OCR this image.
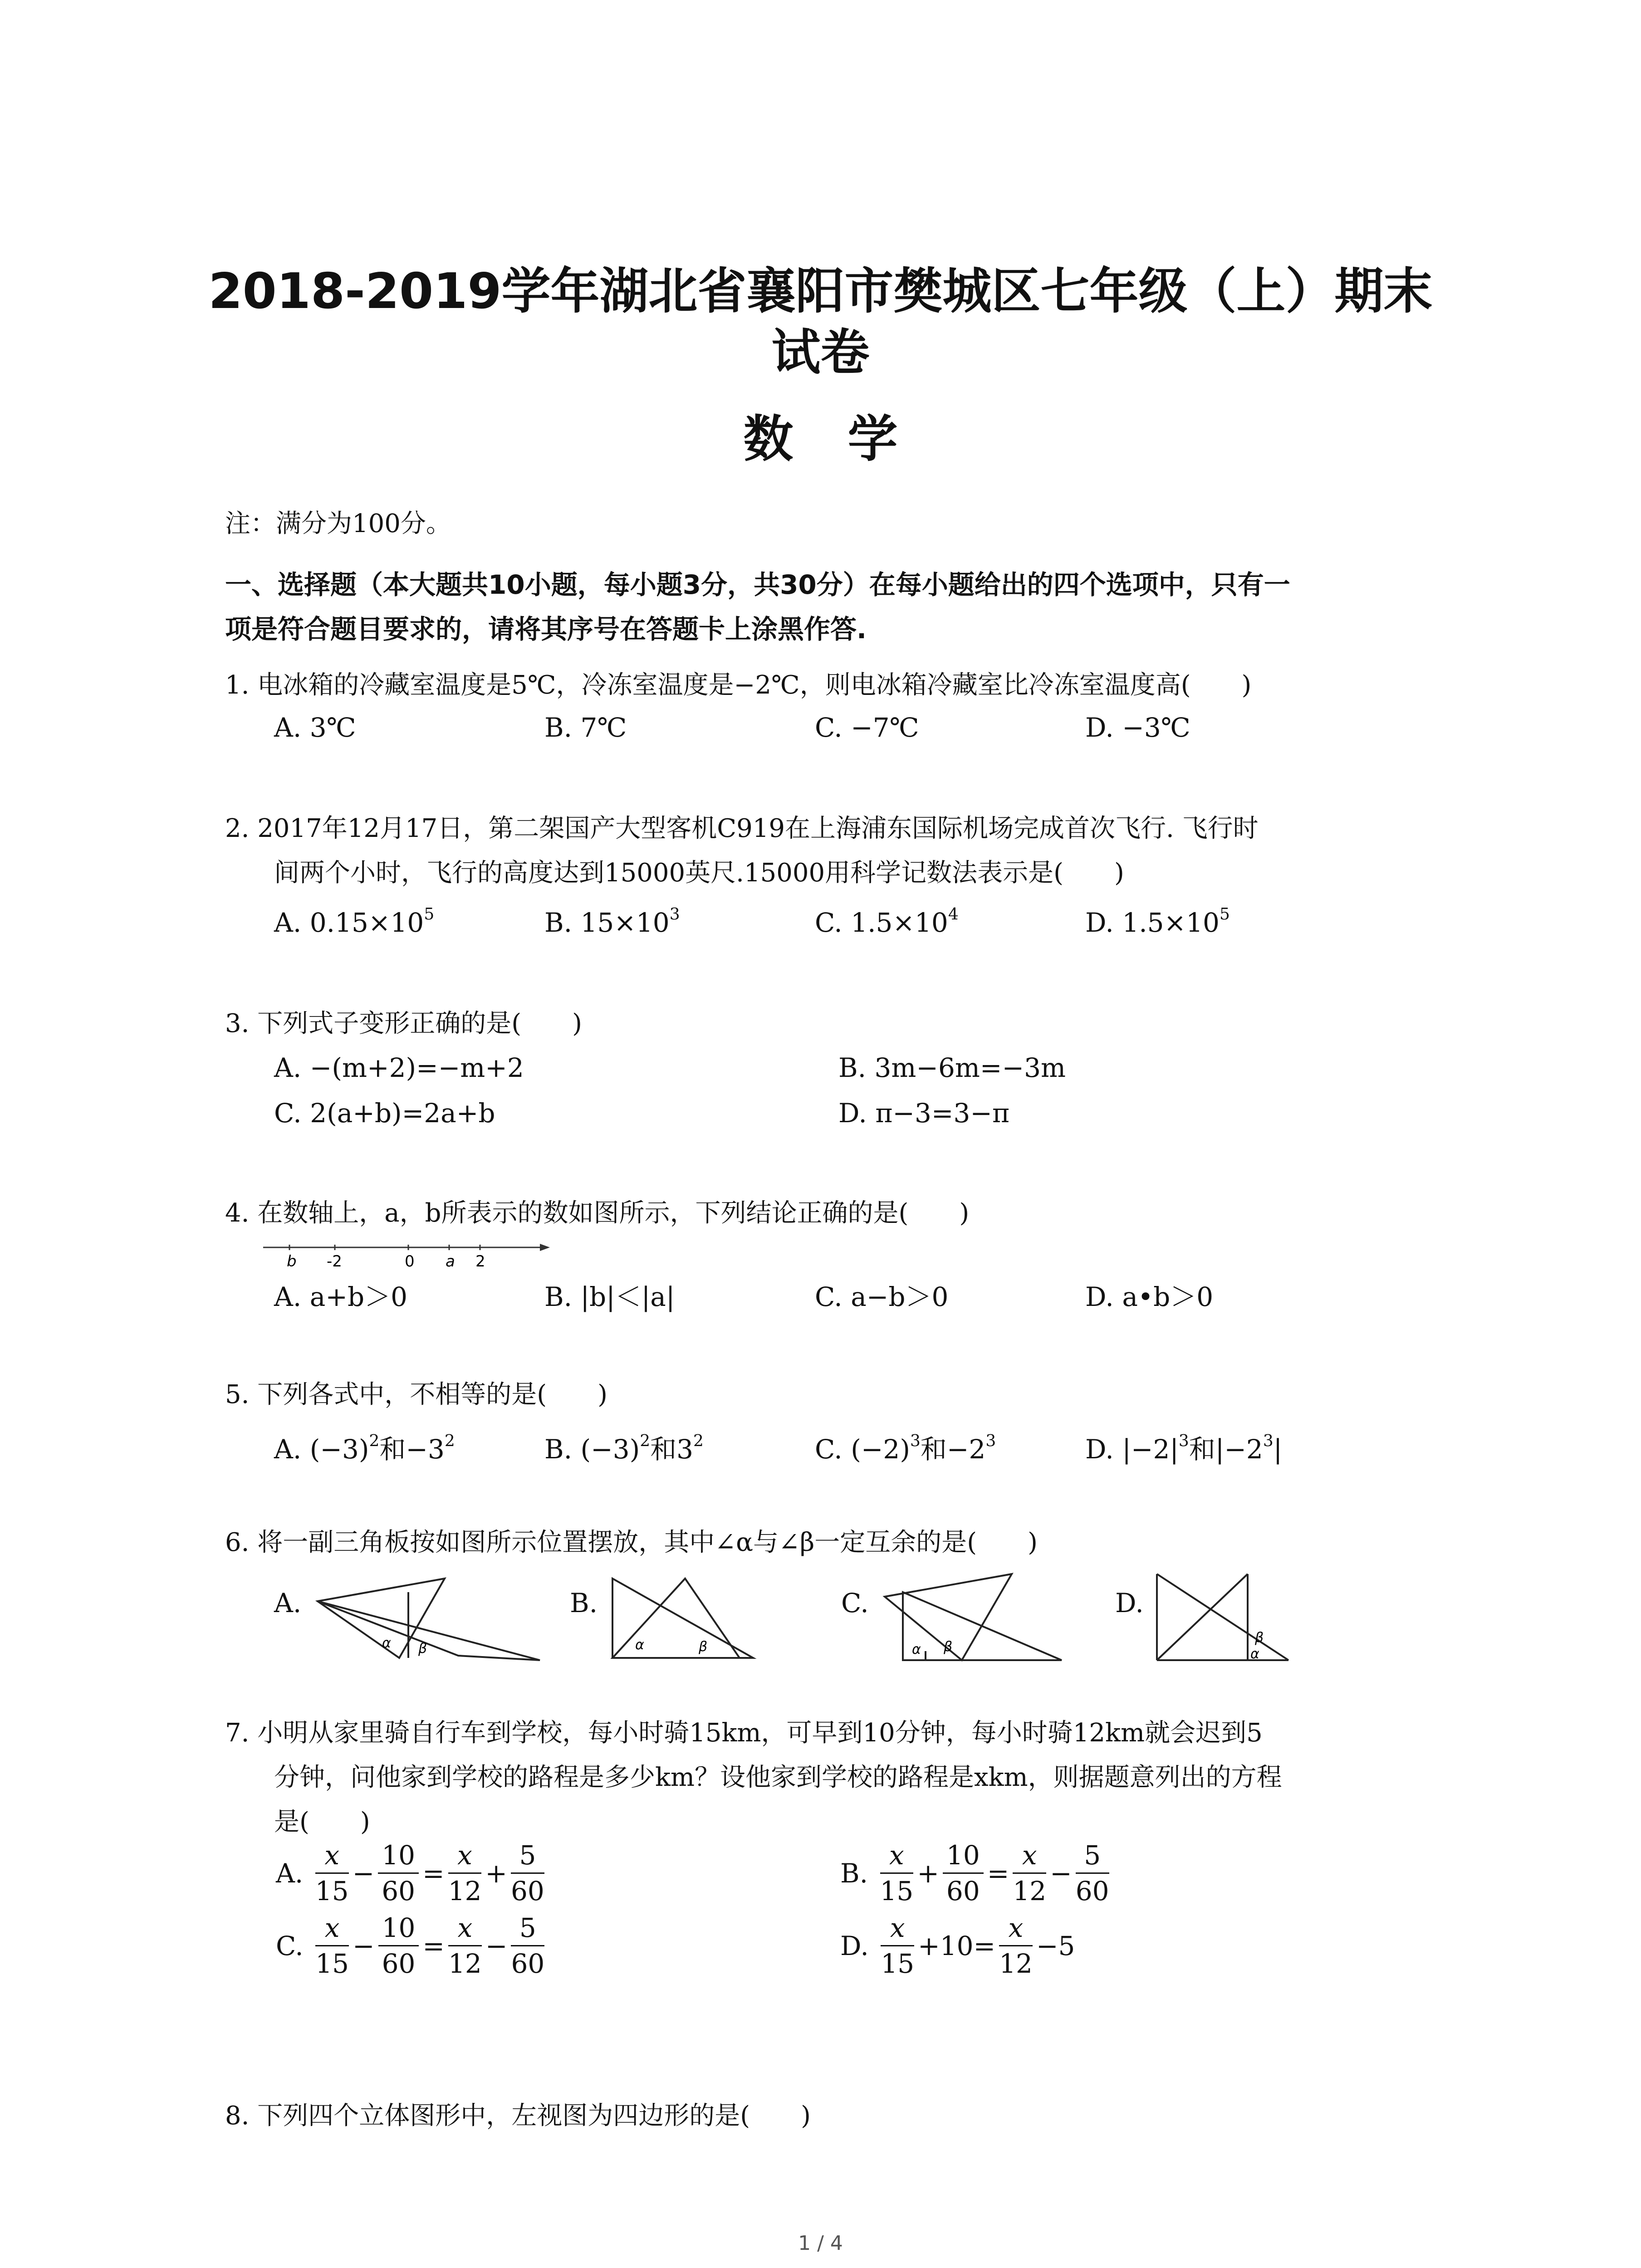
2018-2019学年湖北省襄阳市樊城区七年级（上）期末
试卷
数学
注：满分为100分。
一、选择题（本大题共10小题，每小题3分，共30分）在每小题给出的四个选项中，只有一
项是符合题目要求的，请将其序号在答题卡上涂黑作答.
1. 电冰箱的冷藏室温度是5℃，冷冻室温度是−2℃，则电冰箱冷藏室比冷冻室温度高(　　)
A. 3℃	B. 7℃	C. −7℃	D. −3℃
2. 2017年12月17日，第二架国产大型客机C919在上海浦东国际机场完成首次飞行. 飞行时
间两个小时，飞行的高度达到15000英尺.15000用科学记数法表示是(　　)
A. $0.15\times 10^5$	B. $15\times 10^3$	C. $1.5\times 10^4$	D. $1.5\times 10^5$
3. 下列式子变形正确的是(　　)
A. −(m+2)=−m+2	B. 3m−6m=−3m
C. 2(a+b)=2a+b	D. π−3=3−π
4. 在数轴上，a，b所表示的数如图所示，下列结论正确的是(　　)
b -2	0 a 2
A. a+b＞0	B. |b|＜|a|	C. a−b＞0	D. a•b＞0
5. 下列各式中，不相等的是(　　)
A. $(-3)^2$和$-3^2$	B. $(-3)^2$和$3^2$	C. $(-2)^3$和$-2^3$	D. $|-2|^3$和$|-2^3|$
6. 将一副三角板按如图所示位置摆放，其中∠α与∠β一定互余的是(　　)
A.	B.	C.	D.
α β	α	β	α β
β
α
7. 小明从家里骑自行车到学校，每小时骑15km，可早到10分钟，每小时骑12km就会迟到5
分钟，问他家到学校的路程是多少km？设他家到学校的路程是xkm，则据题意列出的方程
是(　　)
A. $\frac{x}{15} - \frac{10}{60} = \frac{x}{12} + \frac{5}{60}$	B. $\frac{x}{15} + \frac{10}{60} = \frac{x}{12} - \frac{5}{60}$
C. $\frac{x}{15} - \frac{10}{60} = \frac{x}{12} - \frac{5}{60}$	D. $\frac{x}{15} +10= \frac{x}{12} -5$
8. 下列四个立体图形中，左视图为四边形的是(　　)
1 / 4
